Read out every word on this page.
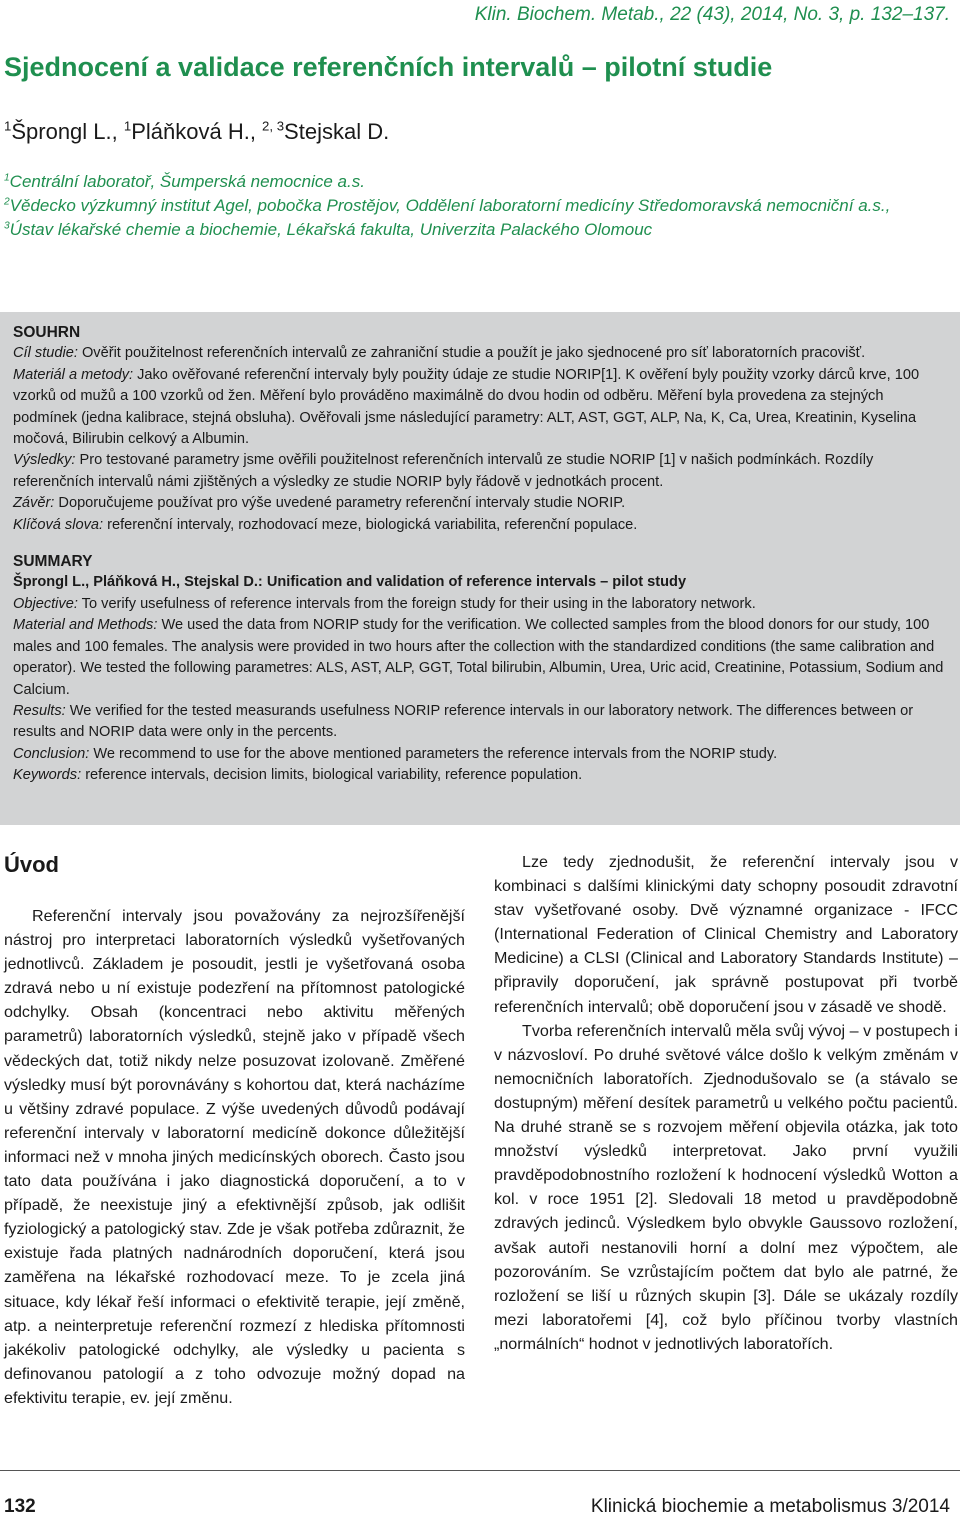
Klin. Biochem. Metab., 22 (43), 2014, No. 3, p. 132–137.
Sjednocení a validace referenčních intervalů – pilotní studie
$^1$Šprongl L., $^1$Pláňková H., $^{2, 3}$Stejskal D.
$^1$Centrální laboratoř, Šumperská nemocnice a.s.
$^2$Vědecko výzkumný institut Agel, pobočka Prostějov, Oddělení laboratorní medicíny Středomoravská nemocniční a.s.,
$^3$Ústav lékařské chemie a biochemie, Lékařská fakulta, Univerzita Palackého Olomouc

SOUHRN

Cíl studie: Ověřit použitelnost referenčních intervalů ze zahraniční studie a použít je jako sjednocené pro síť laboratorních pracovišť.

Materiál a metody: Jako ověřované referenční intervaly byly použity údaje ze studie NORIP[1]. K ověření byly použity vzorky dárců krve, 100 vzorků od mužů a 100 vzorků od žen. Měření bylo prováděno maximálně do dvou hodin od odběru. Měření byla provedena za stejných podmínek (jedna kalibrace, stejná obsluha). Ověřovali jsme následující parametry: ALT, AST, GGT, ALP, Na, K, Ca, Urea, Kreatinin, Kyselina močová, Bilirubin celkový a Albumin.

Výsledky: Pro testované parametry jsme ověřili použitelnost referenčních intervalů ze studie NORIP [1] v našich podmínkách. Rozdíly referenčních intervalů námi zjištěných a výsledky ze studie NORIP byly řádově v jednotkách procent.

Závěr: Doporučujeme používat pro výše uvedené parametry referenční intervaly studie NORIP.

Klíčová slova: referenční intervaly, rozhodovací meze, biologická variabilita, referenční populace.

SUMMARY

Šprongl L., Pláňková H., Stejskal D.: Unification and validation of reference intervals – pilot study

Objective: To verify usefulness of reference intervals from the foreign study for their using in the laboratory network.

Material and Methods: We used the data from NORIP study for the verification. We collected samples from the blood donors for our study, 100 males and 100 females. The analysis were provided in two hours after the collection with the standardized conditions (the same calibration and operator). We tested the following parametres: ALS, AST, ALP, GGT, Total bilirubin, Albumin, Urea, Uric acid, Creatinine, Potassium, Sodium and Calcium.

Results: We verified for the tested measurands usefulness NORIP reference intervals in our laboratory network. The differences between or results and NORIP data were only in the percents.

Conclusion: We recommend to use for the above mentioned parameters the reference intervals from the NORIP study.

Keywords: reference intervals, decision limits, biological variability, reference population.

Úvod

Referenční intervaly jsou považovány za nejrozšířenější nástroj pro interpretaci laboratorních výsledků vyšetřovaných jednotlivců. Základem je posoudit, jestli je vyšetřovaná osoba zdravá nebo u ní existuje podezření na přítomnost patologické odchylky. Obsah (koncentraci nebo aktivitu měřených parametrů) laboratorních výsledků, stejně jako v případě všech vědeckých dat, totiž nikdy nelze posuzovat izolovaně. Změřené výsledky musí být porovnávány s kohortou dat, která nacházíme u většiny zdravé populace. Z výše uvedených důvodů podávají referenční intervaly v laboratorní medicíně dokonce důležitější informaci než v mnoha jiných medicínských oborech. Často jsou tato data používána i jako diagnostická doporučení, a to v případě, že neexistuje jiný a efektivnější způsob, jak odlišit fyziologický a patologický stav. Zde je však potřeba zdůraznit, že existuje řada platných nadnárodních doporučení, která jsou zaměřena na lékařské rozhodovací meze. To je zcela jiná situace, kdy lékař řeší informaci o efektivitě terapie, její změně, atp. a neinterpretuje referenční rozmezí z hlediska přítomnosti jakékoliv patologické odchylky, ale výsledky u pacienta s definovanou patologií a z toho odvozuje možný dopad na efektivitu terapie, ev. její změnu.

Lze tedy zjednodušit, že referenční intervaly jsou v kombinaci s dalšími klinickými daty schopny posoudit zdravotní stav vyšetřované osoby. Dvě významné organizace - IFCC (International Federation of Clinical Chemistry and Laboratory Medicine) a CLSI (Clinical and Laboratory Standards Institute) – připravily doporučení, jak správně postupovat při tvorbě referenčních intervalů; obě doporučení jsou v zásadě ve shodě.

Tvorba referenčních intervalů měla svůj vývoj – v postupech i v názvosloví. Po druhé světové válce došlo k velkým změnám v nemocničních laboratořích. Zjednodušovalo se (a stávalo se dostupným) měření desítek parametrů u velkého počtu pacientů. Na druhé straně se s rozvojem měření objevila otázka, jak toto množství výsledků interpretovat. Jako první využili pravděpodobnostního rozložení k hodnocení výsledků Wotton a kol. v roce 1951 [2]. Sledovali 18 metod u pravděpodobně zdravých jedinců. Výsledkem bylo obvykle Gaussovo rozložení, avšak autoři nestanovili horní a dolní mez výpočtem, ale pozorováním. Se vzrůstajícím počtem dat bylo ale patrné, že rozložení se liší u různých skupin [3]. Dále se ukázaly rozdíly mezi laboratořemi [4], což bylo příčinou tvorby vlastních „normálních“ hodnot v jednotlivých laboratořích.

132	Klinická biochemie a metabolismus 3/2014
